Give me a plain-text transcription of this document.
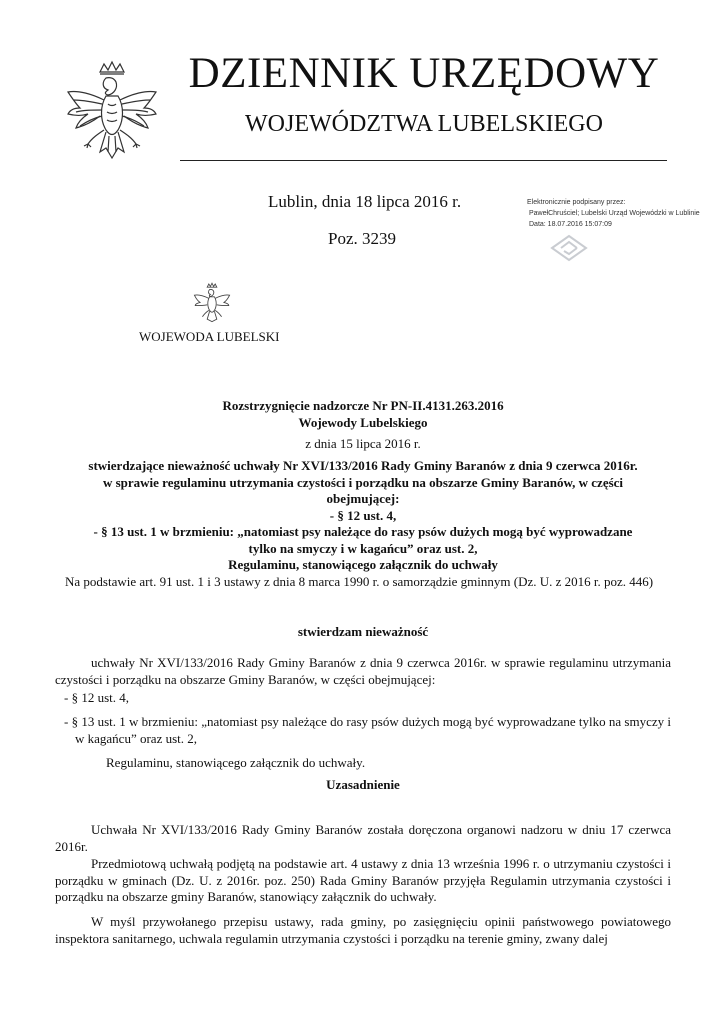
DZIENNIK URZĘDOWY
WOJEWÓDZTWA LUBELSKIEGO
Lublin, dnia 18 lipca 2016 r.
Poz. 3239
Elektronicznie podpisany przez:
PawełChruściel; Lubelski Urząd Wojewódzki w Lublinie
Data: 18.07.2016 15:07:09
WOJEWODA LUBELSKI

Rozstrzygnięcie nadzorcze Nr PN-II.4131.263.2016

Wojewody Lubelskiego

z dnia 15 lipca 2016 r.

stwierdzające nieważność uchwały Nr XVI/133/2016 Rady Gminy Baranów z dnia 9 czerwca 2016r.

w sprawie regulaminu utrzymania czystości i porządku na obszarze Gminy Baranów, w części

obejmującej:

- § 12 ust. 4,

- § 13 ust. 1 w brzmieniu: „natomiast psy należące do rasy psów dużych mogą być wyprowadzane

tylko na smyczy i w kagańcu” oraz ust. 2,

Regulaminu, stanowiącego załącznik do uchwały

Na podstawie art. 91 ust. 1 i 3 ustawy z dnia 8 marca 1990 r. o samorządzie gminnym (Dz. U. z 2016 r. poz. 446)
stwierdzam nieważność
uchwały Nr XVI/133/2016 Rady Gminy Baranów z dnia 9 czerwca 2016r. w sprawie regulaminu utrzymania czystości i porządku na obszarze Gminy Baranów, w części obejmującej:
- § 12 ust. 4,
- § 13 ust. 1 w brzmieniu: „natomiast psy należące do rasy psów dużych mogą być wyprowadzane tylko na smyczy i w kagańcu” oraz ust. 2,
Regulaminu, stanowiącego załącznik do uchwały.
Uzasadnienie
Uchwała Nr XVI/133/2016 Rady Gminy Baranów została doręczona organowi nadzoru w dniu 17 czerwca 2016r.
Przedmiotową uchwałą podjętą na podstawie art. 4 ustawy z dnia 13 września 1996 r. o utrzymaniu czystości i porządku w gminach (Dz. U. z 2016r. poz. 250) Rada Gminy Baranów przyjęła Regulamin utrzymania czystości i porządku na obszarze gminy Baranów, stanowiący załącznik do uchwały.
W myśl przywołanego przepisu ustawy, rada gminy, po zasięgnięciu opinii państwowego powiatowego inspektora sanitarnego, uchwala regulamin utrzymania czystości i porządku na terenie gminy, zwany dalej
